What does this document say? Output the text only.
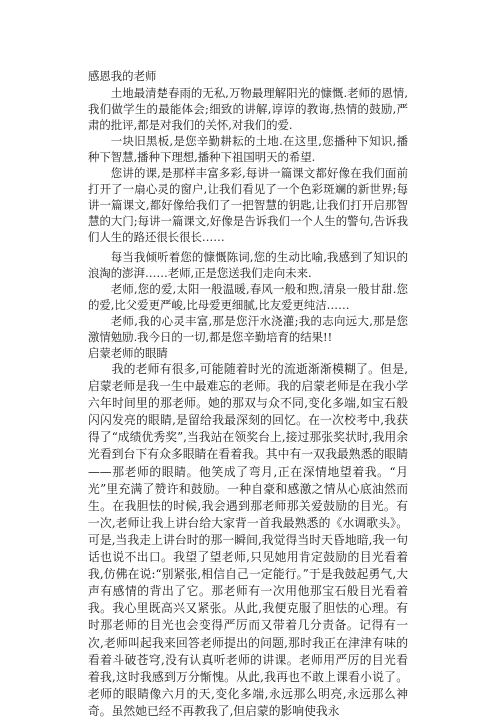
感恩我的老师

土地最清楚春雨的无私,万物最理解阳光的慷慨.老师的恩情,我们做学生的最能体会;细致的讲解,谆谆的教诲,热情的鼓励,严肃的批评,都是对我们的关怀,对我们的爱.

一块旧黑板,是您辛勤耕耘的土地.在这里,您播种下知识,播种下智慧,播种下理想,播种下祖国明天的希望.

您讲的课,是那样丰富多彩,每讲一篇课文都好像在我们面前打开了一扇心灵的窗户,让我们看见了一个色彩斑斓的新世界;每讲一篇课文,都好像给我们了一把智慧的钥匙,让我们打开启那智慧的大门;每讲一篇课文,好像是告诉我们一个人生的警句,告诉我们人生的路还很长很长……

每当我倾听着您的慷慨陈词,您的生动比喻,我感到了知识的浪淘的澎湃……老师,正是您送我们走向未来.

老师,您的爱,太阳一般温暖,春风一般和煦,清泉一般甘甜.您的爱,比父爱更严峻,比母爱更细腻,比友爱更纯洁……

老师,我的心灵丰富,那是您汗水浇灌;我的志向远大,那是您激情勉励.我今日的一切,都是您辛勤培育的结果!!

启蒙老师的眼睛

我的老师有很多,可能随着时光的流逝渐渐模糊了。但是,启蒙老师是我一生中最难忘的老师。我的启蒙老师是在我小学六年时间里的那老师。她的那双与众不同,变化多端,如宝石般闪闪发亮的眼睛,是留给我最深刻的回忆。在一次校考中,我获得了“成绩优秀奖”,当我站在领奖台上,接过那张奖状时,我用余光看到台下有众多眼睛在看着我。其中有一双我最熟悉的眼睛——那老师的眼睛。他笑成了弯月,正在深情地望着我。“月光”里充满了赞许和鼓励。一种自豪和感激之情从心底油然而生。在我胆怯的时候,我会遇到那老师那关爱鼓励的目光。有一次,老师让我上讲台给大家背一首我最熟悉的《水调歌头》。可是,当我走上讲台时的那一瞬间,我觉得当时天昏地暗,我一句话也说不出口。我望了望老师,只见她用肯定鼓励的目光看着我,仿佛在说:“别紧张,相信自己一定能行。”于是我鼓起勇气,大声有感情的背出了它。那老师有一次用他那宝石般目光看着我。我心里既高兴又紧张。从此,我便克服了胆怯的心理。有时那老师的目光也会变得严厉而又带着几分责备。记得有一次,老师叫起我来回答老师提出的问题,那时我正在津津有味的看着斗破苍穹,没有认真听老师的讲课。老师用严厉的目光看着我,这时我感到万分惭愧。从此,我再也不敢上课看小说了。老师的眼睛像六月的天,变化多端,永远那么明亮,永远那么神奇。虽然她已经不再教我了,但启蒙的影响使我永
